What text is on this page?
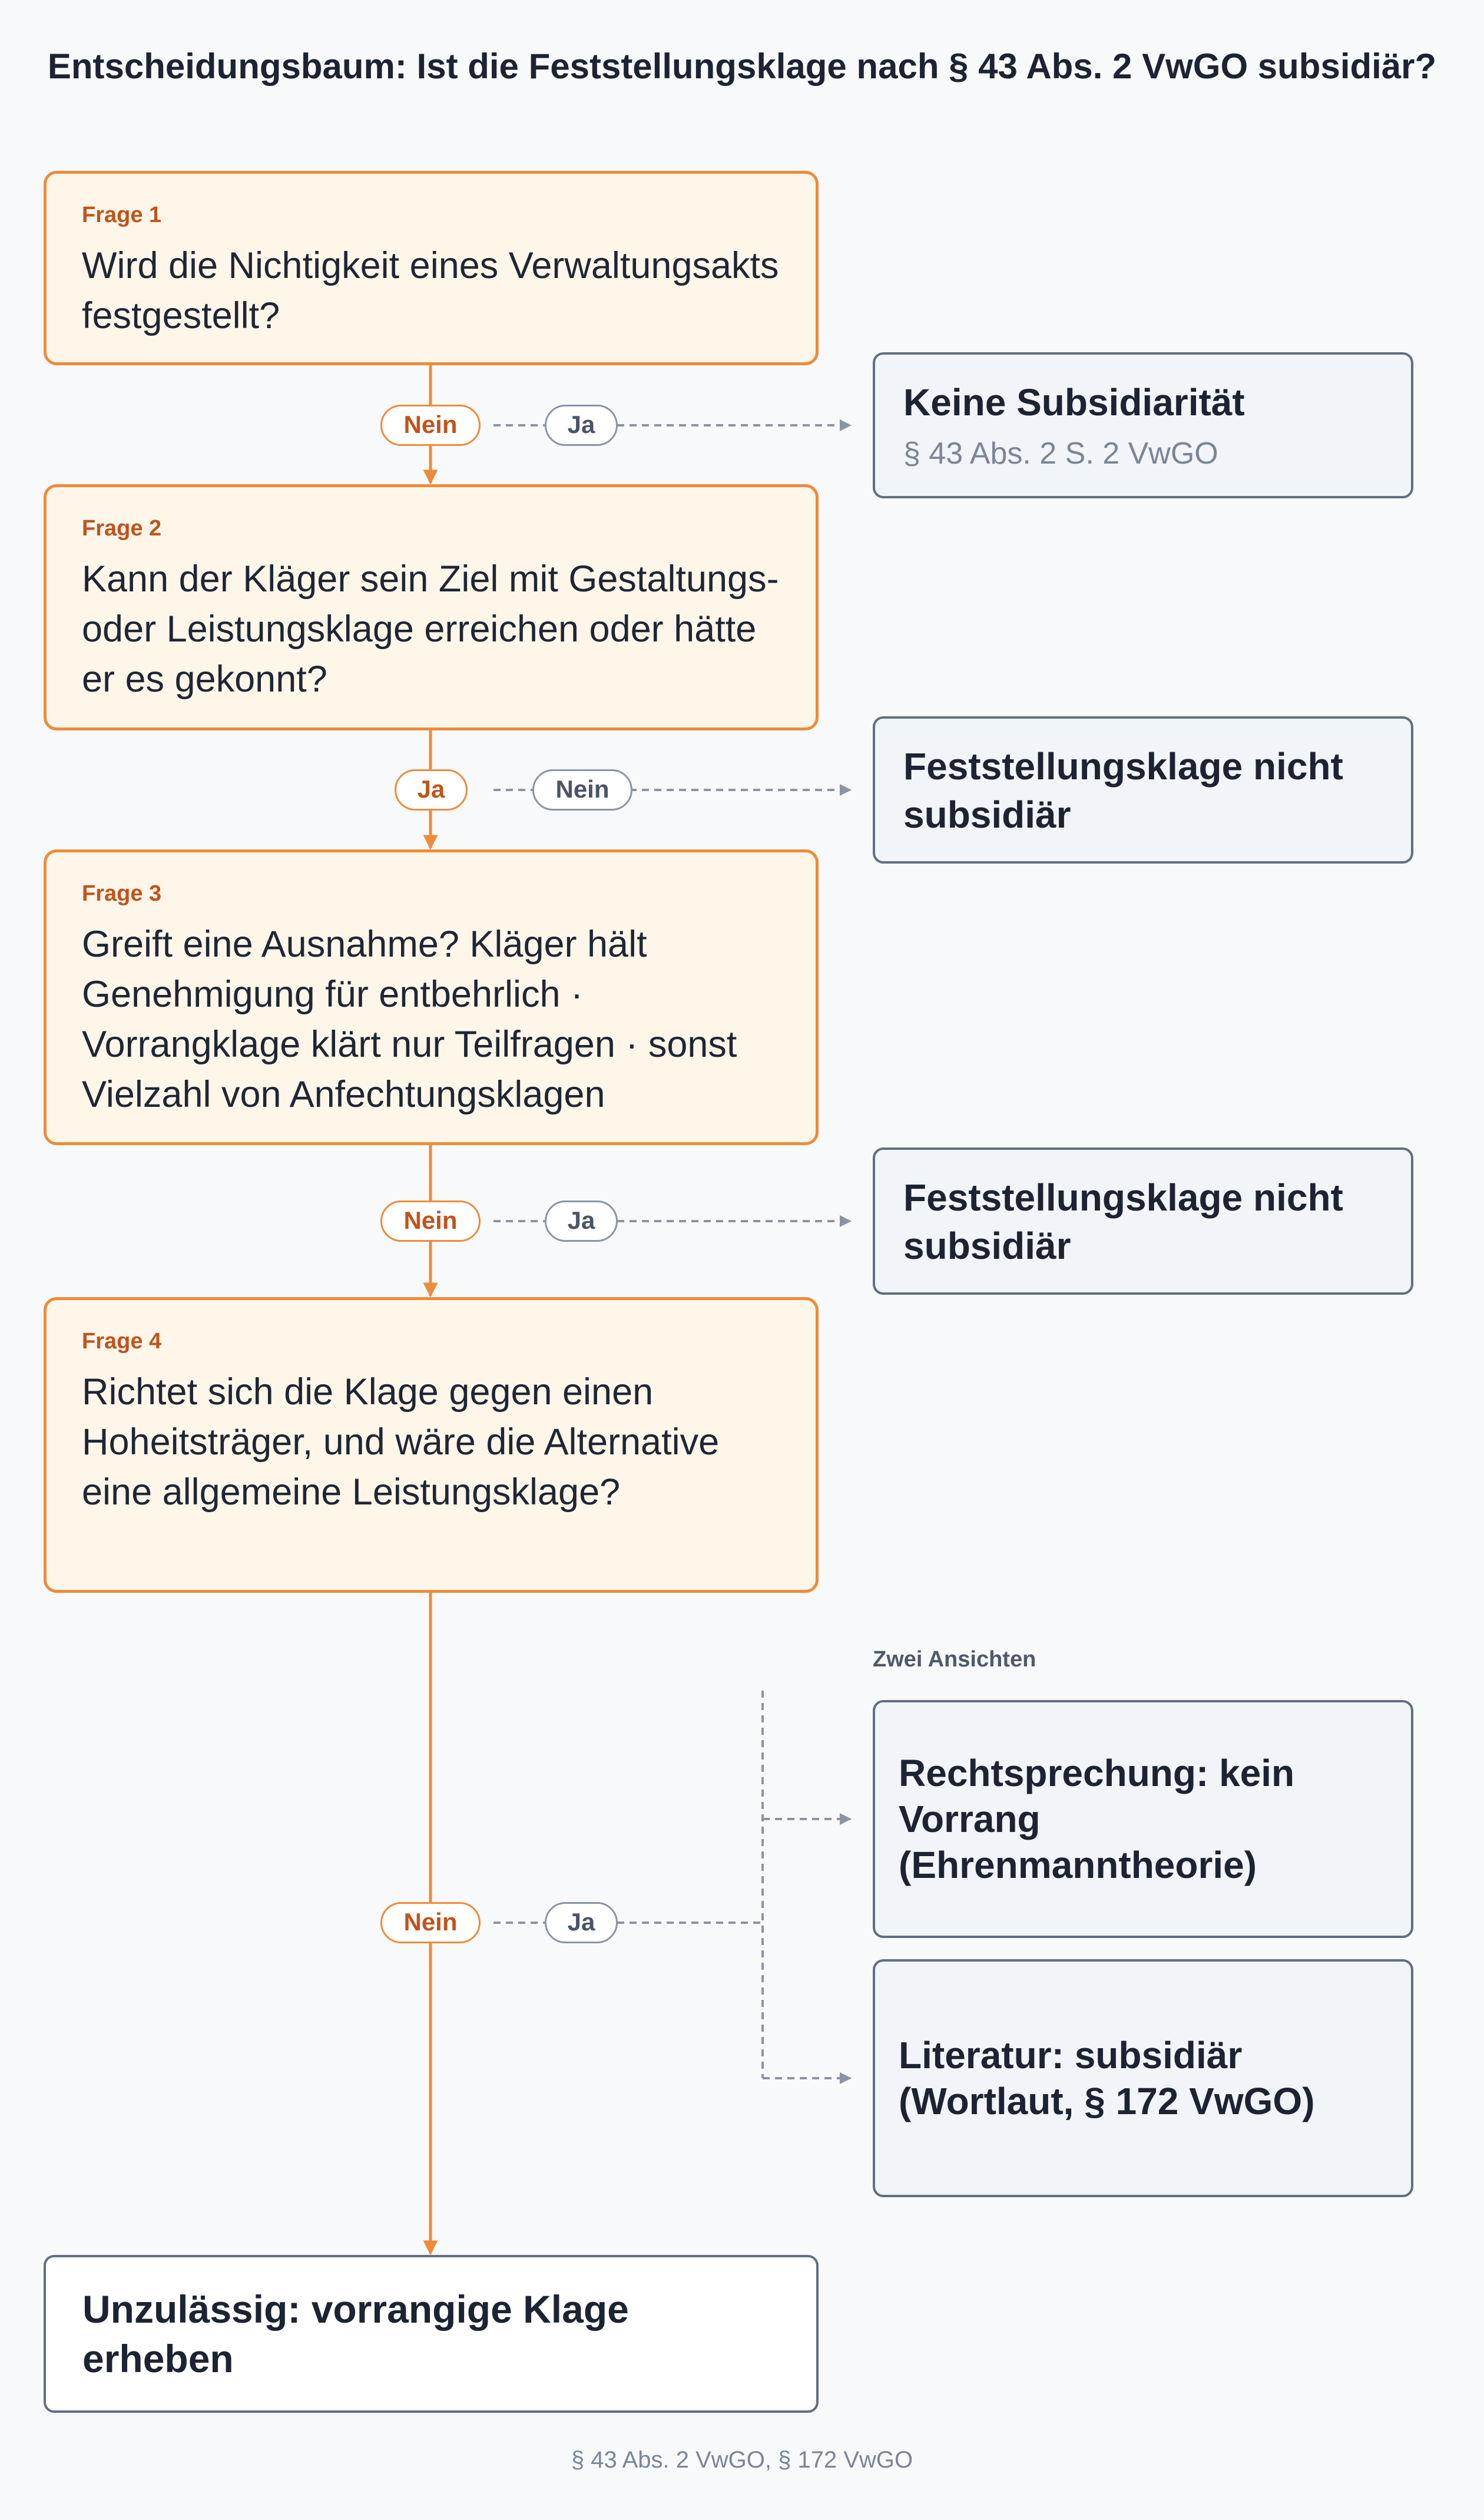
Entscheidungsbaum: Ist die Feststellungsklage nach § 43 Abs. 2 VwGO subsidiär?
Frage 1
Wird die Nichtigkeit eines Verwaltungsakts festgestellt?
Nein	Ja
Keine Subsidiarität
§ 43 Abs. 2 S. 2 VwGO
Frage 2
Kann der Kläger sein Ziel mit Gestaltungs- oder Leistungsklage erreichen oder hätte er es gekonnt?
Ja	Nein
Feststellungsklage nicht subsidiär
Frage 3
Greift eine Ausnahme? Kläger hält Genehmigung für entbehrlich · Vorrangklage klärt nur Teilfragen · sonst Vielzahl von Anfechtungsklagen
Nein	Ja
Feststellungsklage nicht subsidiär
Frage 4
Richtet sich die Klage gegen einen Hoheitsträger, und wäre die Alternative eine allgemeine Leistungsklage?
Nein	Ja
Zwei Ansichten
Rechtsprechung: kein Vorrang (Ehrenmanntheorie)
Literatur: subsidiär (Wortlaut, § 172 VwGO)
Unzulässig: vorrangige Klage erheben
§ 43 Abs. 2 VwGO, § 172 VwGO
